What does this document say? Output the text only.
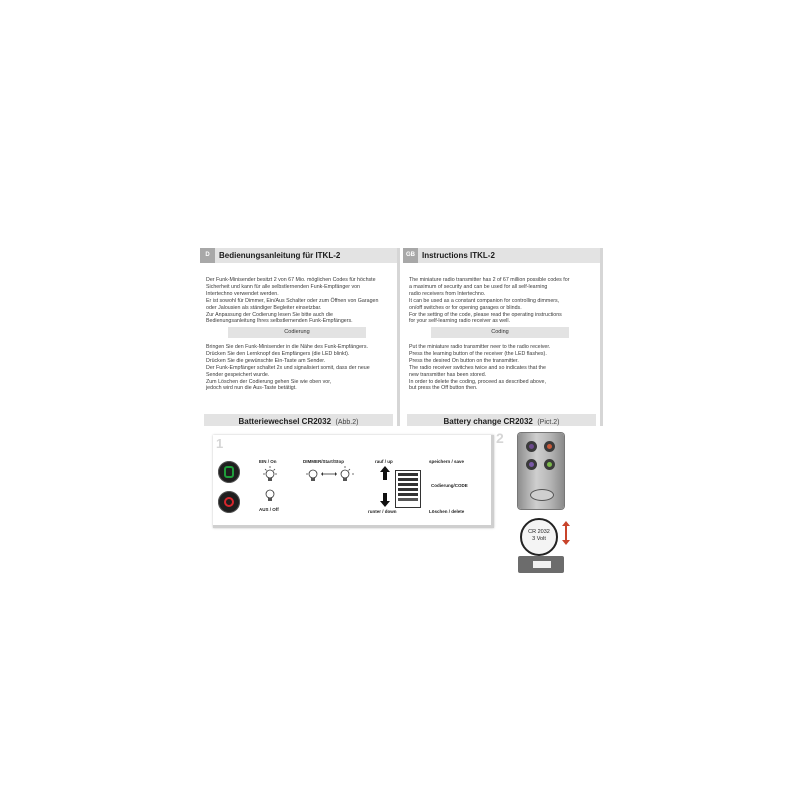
D	Bedienungsanleitung für ITKL-2
Der Funk-Minisender besitzt 2 von 67 Mio. möglichen Codes für höchste
Sicherheit und kann für alle selbstlernenden Funk-Empfänger von
Intertechno verwendet werden.
Er ist sowohl für Dimmer, Ein/Aus Schalter oder zum Öffnen von Garagen
oder Jalousien als ständiger Begleiter einsetzbar.
Zur Anpassung der Codierung lesen Sie bitte auch die
Bedienungsanleitung Ihres selbstlernenden Funk-Empfängers.
Codierung
Bringen Sie den Funk-Minisender in die Nähe des Funk-Empfängers.
Drücken Sie den Lernknopf des Empfängers (die LED blinkt).
Drücken Sie die gewünschte Ein-Taste am Sender.
Der Funk-Empfänger schaltet 2x und signalisiert somit, dass der neue
Sender gespeichert wurde.
Zum Löschen der Codierung gehen Sie wie oben vor,
jedoch wird nun die Aus-Taste betätigt.
Batteriewechsel CR2032 (Abb.2)
GB Instructions ITKL-2
The miniature radio transmitter has 2 of 67 million possible codes for
a maximum of security and can be used for all self-learning
radio receivers from Intertechno.
It can be used as a constant companion for controlling dimmers,
on/off switches or for opening garages or blinds.
For the setting of the code, please read the operating instructions
for your self-learning radio receiver as well.
Coding
Put the miniature radio transmitter neer to the radio receiver.
Press the learning button of the receiver (the LED flashes).
Press the desired On button on the transmitter.
The radio receiver switches twice and so indicates that the
new transmitter has been stored.
In order to delete the coding, proceed as described above,
but press the Off button then.
Battery change CR2032 (Pict.2)
1
EIN / On
AUS / Off
DIMMER/Start/Stop	rauf / up
runter / down
speichern / save
Codierung/CODE
Löschen / delete
2
CR 2032
3 Volt
